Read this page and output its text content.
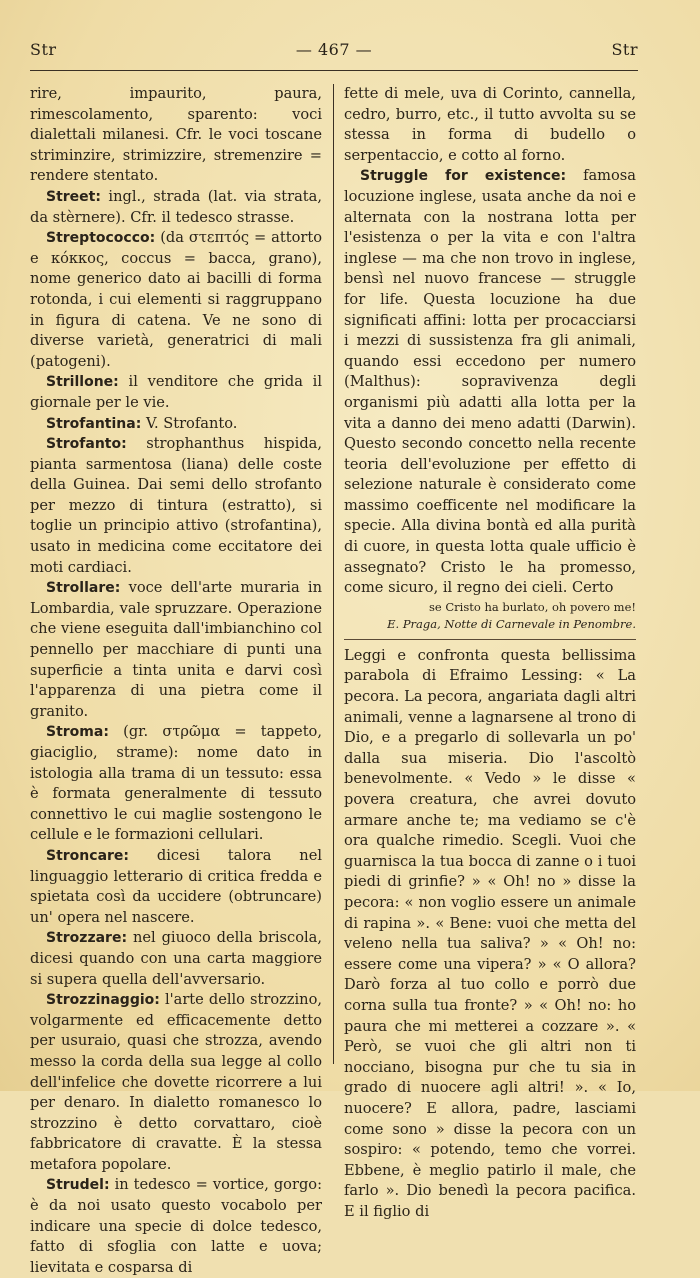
Str	— 467 —	Str

rire, impaurito, paura, rimescolamento, sparento: voci dialettali milanesi. Cfr. le voci toscane striminzire, strimizzire, stremenzire = rendere stentato.

Street: ingl., strada (lat. via strata, da stèrnere). Cfr. il tedesco strasse.

Streptococco: (da στεπτός = attorto e κόκκος, coccus = bacca, grano), nome generico dato ai bacilli di forma rotonda, i cui elementi si raggruppano in figura di catena. Ve ne sono di diverse varietà, generatrici di mali (patogeni).

Strillone: il venditore che grida il giornale per le vie.

Strofantina: V. Strofanto.

Strofanto: strophanthus hispida, pianta sarmentosa (liana) delle coste della Guinea. Dai semi dello strofanto per mezzo di tintura (estratto), si toglie un principio attivo (strofantina), usato in medicina come eccitatore dei moti cardiaci.

Strollare: voce dell'arte muraria in Lombardia, vale spruzzare. Operazione che viene eseguita dall'imbianchino col pennello per macchiare di punti una superficie a tinta unita e darvi così l'apparenza di una pietra come il granito.

Stroma: (gr. στρῶμα = tappeto, giaciglio, strame): nome dato in istologia alla trama di un tessuto: essa è formata generalmente di tessuto connettivo le cui maglie sostengono le cellule e le formazioni cellulari.

Stroncare: dicesi talora nel linguaggio letterario di critica fredda e spietata così da uccidere (obtruncare) un' opera nel nascere.

Strozzare: nel giuoco della briscola, dicesi quando con una carta maggiore si supera quella dell'avversario.

Strozzinaggio: l'arte dello strozzino, volgarmente ed efficacemente detto per usuraio, quasi che strozza, avendo messo la corda della sua legge al collo dell'infelice che dovette ricorrere a lui per denaro. In dialetto romanesco lo strozzino è detto corvattaro, cioè fabbricatore di cravatte. È la stessa metafora popolare.

Strudel: in tedesco = vortice, gorgo: è da noi usato questo vocabolo per indicare una specie di dolce tedesco, fatto di sfoglia con latte e uova; lievitata e cosparsa di

fette di mele, uva di Corinto, cannella, cedro, burro, etc., il tutto avvolta su se stessa in forma di budello o serpentaccio, e cotto al forno.

Struggle for existence: famosa locuzione inglese, usata anche da noi e alternata con la nostrana lotta per l'esistenza o per la vita e con l'altra inglese — ma che non trovo in inglese, bensì nel nuovo francese — struggle for life. Questa locuzione ha due significati affini: lotta per procacciarsi i mezzi di sussistenza fra gli animali, quando essi eccedono per numero (Malthus): sopravivenza degli organismi più adatti alla lotta per la vita a danno dei meno adatti (Darwin). Questo secondo concetto nella recente teoria dell'evoluzione per effetto di selezione naturale è considerato come massimo coefficente nel modificare la specie. Alla divina bontà ed alla purità di cuore, in questa lotta quale ufficio è assegnato? Cristo le ha promesso, come sicuro, il regno dei cieli. Certo

se Cristo ha burlato, oh povero me!

E. Praga, Notte di Carnevale in Penombre.

Leggi e confronta questa bellissima parabola di Efraimo Lessing: « La pecora. La pecora, angariata dagli altri animali, venne a lagnarsene al trono di Dio, e a pregarlo di sollevarla un po' dalla sua miseria. Dio l'ascoltò benevolmente. « Vedo » le disse « povera creatura, che avrei dovuto armare anche te; ma vediamo se c'è ora qualche rimedio. Scegli. Vuoi che guarnisca la tua bocca di zanne o i tuoi piedi di grinfie? » « Oh! no » disse la pecora: « non voglio essere un animale di rapina ». « Bene: vuoi che metta del veleno nella tua saliva? » « Oh! no: essere come una vipera? » « O allora? Darò forza al tuo collo e porrò due corna sulla tua fronte? » « Oh! no: ho paura che mi metterei a cozzare ». « Però, se vuoi che gli altri non ti nocciano, bisogna pur che tu sia in grado di nuocere agli altri! ». « Io, nuocere? E allora, padre, lasciami come sono » disse la pecora con un sospiro: « potendo, temo che vorrei. Ebbene, è meglio patirlo il male, che farlo ». Dio benedì la pecora pacifica. E il figlio di
